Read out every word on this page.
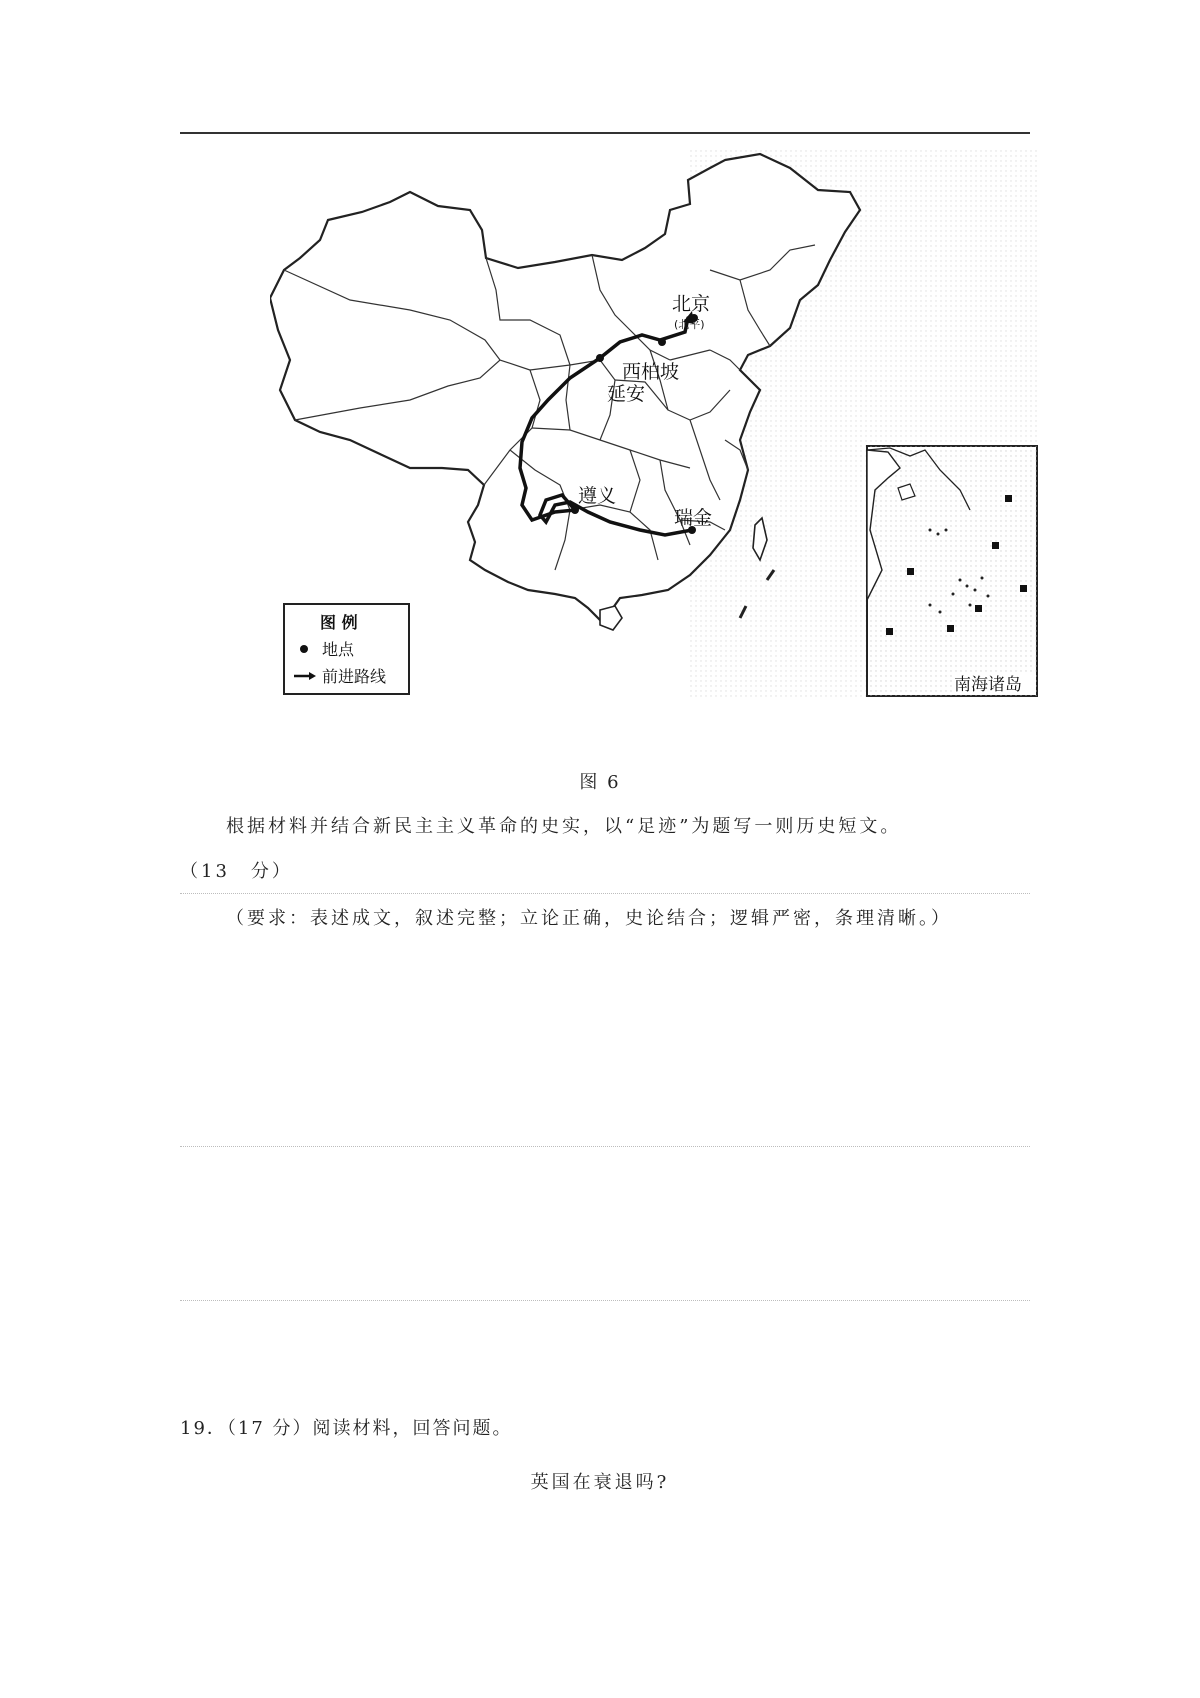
北京
(北平)
西柏坡
延安
遵义
瑞金
南海诸岛
图 例
地点
前进路线
图 6
根据材料并结合新民主主义革命的史实，以“足迹”为题写一则历史短文。
（13　分）
（要求：表述成文，叙述完整；立论正确，史论结合；逻辑严密，条理清晰。）
19．（17 分）阅读材料，回答问题。
英国在衰退吗?
